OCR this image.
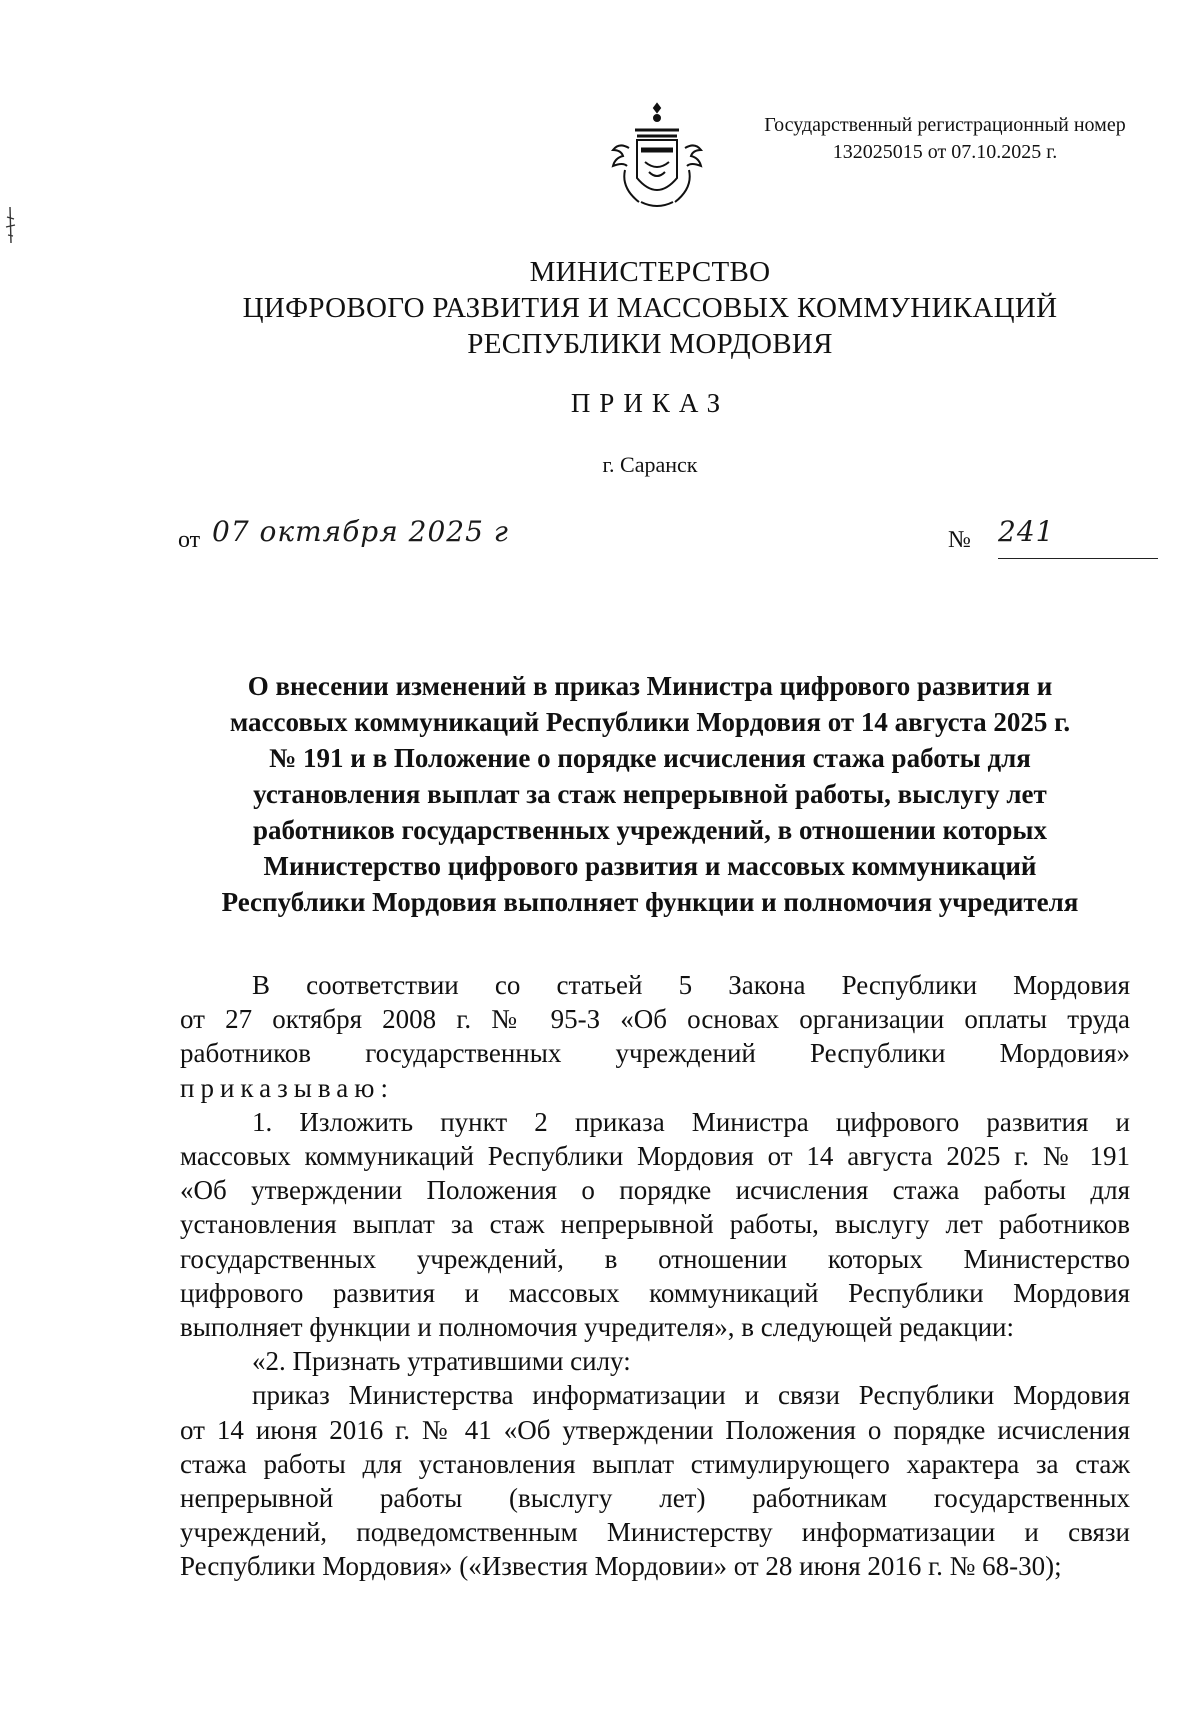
Государственный регистрационный номер
132025015 от 07.10.2025 г.
МИНИСТЕРСТВО
ЦИФРОВОГО РАЗВИТИЯ И МАССОВЫХ КОММУНИКАЦИЙ
РЕСПУБЛИКИ МОРДОВИЯ
ПРИКАЗ
г. Саранск
от 07 октября 2025 г	№ 241
О внесении изменений в приказ Министра цифрового развития и
массовых коммуникаций Республики Мордовия от 14 августа 2025 г.
№ 191 и в Положение о порядке исчисления стажа работы для
установления выплат за стаж непрерывной работы, выслугу лет
работников государственных учреждений, в отношении которых
Министерство цифрового развития и массовых коммуникаций
Республики Мордовия выполняет функции и полномочия учредителя
В соответствии со статьей 5 Закона Республики Мордовия
от 27 октября 2008 г. № 95-З «Об основах организации оплаты труда
работников государственных учреждений Республики Мордовия»
приказываю:
1. Изложить пункт 2 приказа Министра цифрового развития и
массовых коммуникаций Республики Мордовия от 14 августа 2025 г. № 191
«Об утверждении Положения о порядке исчисления стажа работы для
установления выплат за стаж непрерывной работы, выслугу лет работников
государственных учреждений, в отношении которых Министерство
цифрового развития и массовых коммуникаций Республики Мордовия
выполняет функции и полномочия учредителя», в следующей редакции:
«2. Признать утратившими силу:
приказ Министерства информатизации и связи Республики Мордовия
от 14 июня 2016 г. № 41 «Об утверждении Положения о порядке исчисления
стажа работы для установления выплат стимулирующего характера за стаж
непрерывной работы (выслугу лет) работникам государственных
учреждений, подведомственным Министерству информатизации и связи
Республики Мордовия» («Известия Мордовии» от 28 июня 2016 г. № 68-30);
